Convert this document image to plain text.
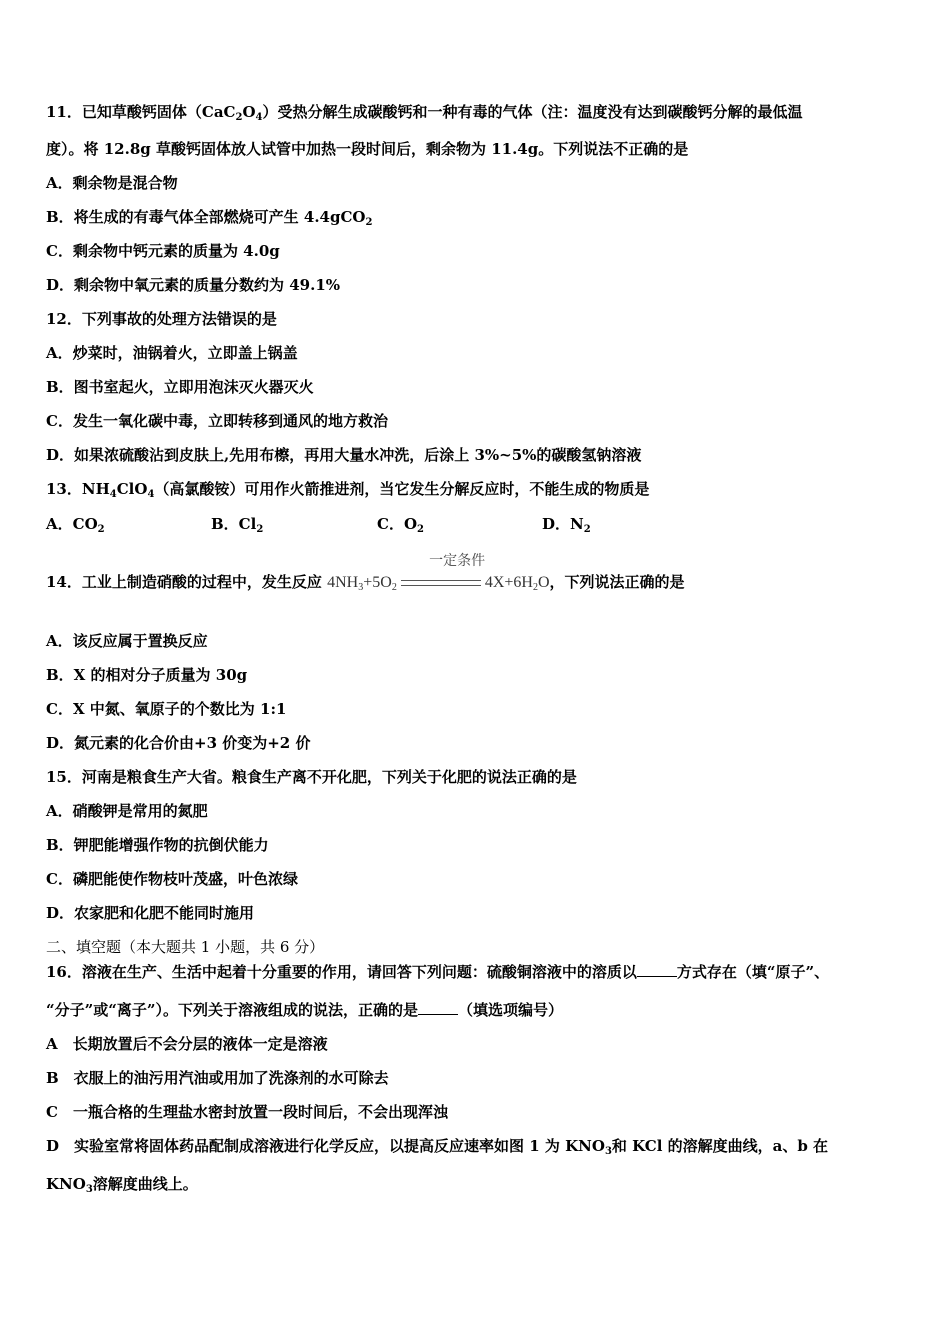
11．已知草酸钙固体$(CaC_2O_4)$受热分解生成碳酸钙和一种有毒的气体（注：温度没有达到碳酸钙分解的最低温
度）。将 12.8g 草酸钙固体放人试管中加热一段时间后，剩余物为 11.4g。下列说法不正确的是
A．剩余物是混合物
B．将生成的有毒气体全部燃烧可产生 4.4gCO$_2$
C．剩余物中钙元素的质量为 4.0g
D．剩余物中氧元素的质量分数约为 49.1%
12．下列事故的处理方法错误的是
A．炒菜时，油锅着火，立即盖上锅盖
B．图书室起火，立即用泡沫灭火器灭火
C．发生一氧化碳中毒，立即转移到通风的地方救治
D．如果浓硫酸沾到皮肤上,先用布檫，再用大量水冲洗，后涂上 3%~5%的碳酸氢钠溶液
13．$NH_4ClO_4$（高氯酸铵）可用作火箭推进剂，当它发生分解反应时，不能生成的物质是
A．$CO_2$	B．$Cl_2$	C．$O_2$	D．$N_2$
14．工业上制造硝酸的过程中，发生反应
一定条件
$4NH_3+5O_2$	$4X+6H_2O$，下列说法正确的是
A．该反应属于置换反应
B．X 的相对分子质量为 30g
C．X 中氮、氧原子的个数比为 1:1
D．氮元素的化合价由+3 价变为+2 价
15．河南是粮食生产大省。粮食生产离不开化肥，下列关于化肥的说法正确的是
A．硝酸钾是常用的氮肥
B．钾肥能增强作物的抗倒伏能力
C．磷肥能使作物枝叶茂盛，叶色浓绿
D．农家肥和化肥不能同时施用
二、填空题（本大题共 1 小题，共 6 分）
16．溶液在生产、生活中起着十分重要的作用，请回答下列问题：硫酸铜溶液中的溶质以	方式存在（填“原子”、
“分子”或“离子”）。下列关于溶液组成的说法，正确的是	（填选项编号）
A　长期放置后不会分层的液体一定是溶液
B　衣服上的油污用汽油或用加了洗涤剂的水可除去
C　一瓶合格的生理盐水密封放置一段时间后，不会出现浑浊
D　实验室常将固体药品配制成溶液进行化学反应，以提高反应速率如图 1 为 $KNO_3$和 KCl 的溶解度曲线，a、b 在
$KNO_3$溶解度曲线上。
